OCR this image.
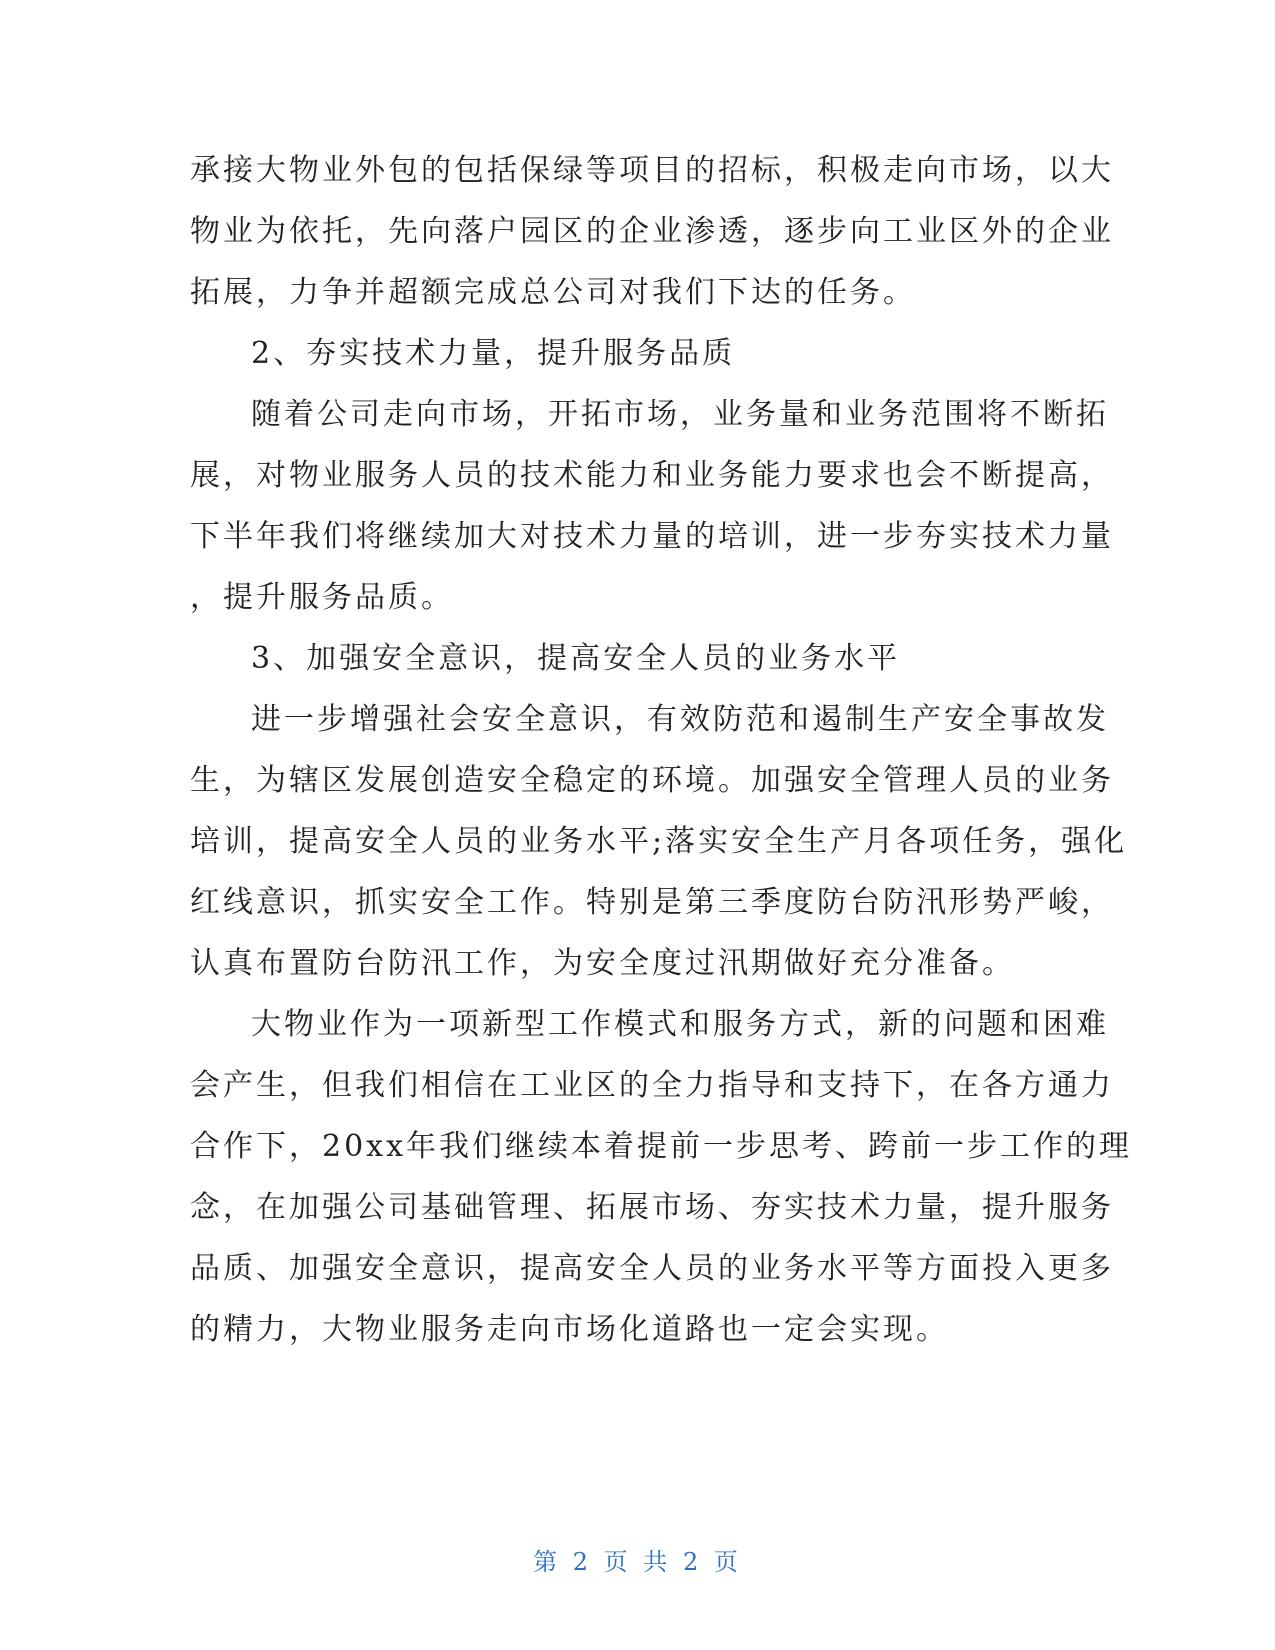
承接大物业外包的包括保绿等项目的招标，积极走向市场，以大
物业为依托，先向落户园区的企业渗透，逐步向工业区外的企业
拓展，力争并超额完成总公司对我们下达的任务。
2、夯实技术力量，提升服务品质
随着公司走向市场，开拓市场，业务量和业务范围将不断拓
展，对物业服务人员的技术能力和业务能力要求也会不断提高，
下半年我们将继续加大对技术力量的培训，进一步夯实技术力量
，提升服务品质。
3、加强安全意识，提高安全人员的业务水平
进一步增强社会安全意识，有效防范和遏制生产安全事故发
生，为辖区发展创造安全稳定的环境。加强安全管理人员的业务
培训，提高安全人员的业务水平;落实安全生产月各项任务，强化
红线意识，抓实安全工作。特别是第三季度防台防汛形势严峻，
认真布置防台防汛工作，为安全度过汛期做好充分准备。
大物业作为一项新型工作模式和服务方式，新的问题和困难
会产生，但我们相信在工业区的全力指导和支持下，在各方通力
合作下，20xx年我们继续本着提前一步思考、跨前一步工作的理
念，在加强公司基础管理、拓展市场、夯实技术力量，提升服务
品质、加强安全意识，提高安全人员的业务水平等方面投入更多
的精力，大物业服务走向市场化道路也一定会实现。
第 2 页 共 2 页
